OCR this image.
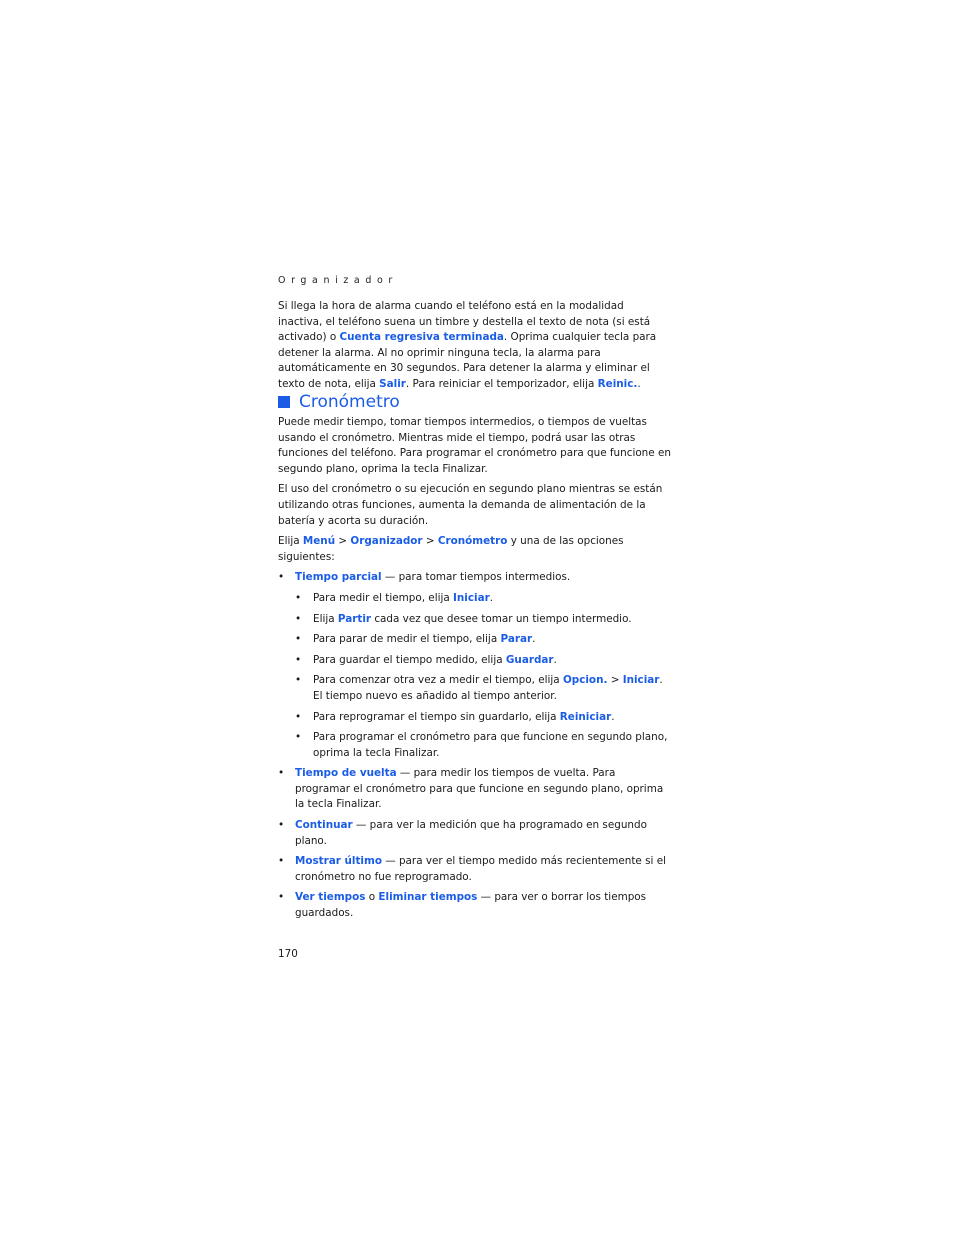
Organizador

Si llega la hora de alarma cuando el teléfono está en la modalidad inactiva, el teléfono suena un timbre y destella el texto de nota (si está activado) o Cuenta regresiva terminada. Oprima cualquier tecla para detener la alarma. Al no oprimir ninguna tecla, la alarma para automáticamente en 30 segundos. Para detener la alarma y eliminar el texto de nota, elija Salir. Para reiniciar el temporizador, elija Reinic..

Cronómetro

Puede medir tiempo, tomar tiempos intermedios, o tiempos de vueltas usando el cronómetro. Mientras mide el tiempo, podrá usar las otras funciones del teléfono. Para programar el cronómetro para que funcione en segundo plano, oprima la tecla Finalizar.

El uso del cronómetro o su ejecución en segundo plano mientras se están utilizando otras funciones, aumenta la demanda de alimentación de la batería y acorta su duración.

Elija Menú > Organizador > Cronómetro y una de las opciones siguientes:

• Tiempo parcial — para tomar tiempos intermedios.
• Para medir el tiempo, elija Iniciar.
• Elija Partir cada vez que desee tomar un tiempo intermedio.
• Para parar de medir el tiempo, elija Parar.
• Para guardar el tiempo medido, elija Guardar.
• Para comenzar otra vez a medir el tiempo, elija Opcion. > Iniciar. El tiempo nuevo es añadido al tiempo anterior.
• Para reprogramar el tiempo sin guardarlo, elija Reiniciar.
• Para programar el cronómetro para que funcione en segundo plano, oprima la tecla Finalizar.
• Tiempo de vuelta — para medir los tiempos de vuelta. Para programar el cronómetro para que funcione en segundo plano, oprima la tecla Finalizar.
• Continuar — para ver la medición que ha programado en segundo plano.
• Mostrar último — para ver el tiempo medido más recientemente si el cronómetro no fue reprogramado.
• Ver tiempos o Eliminar tiempos — para ver o borrar los tiempos guardados.
170
